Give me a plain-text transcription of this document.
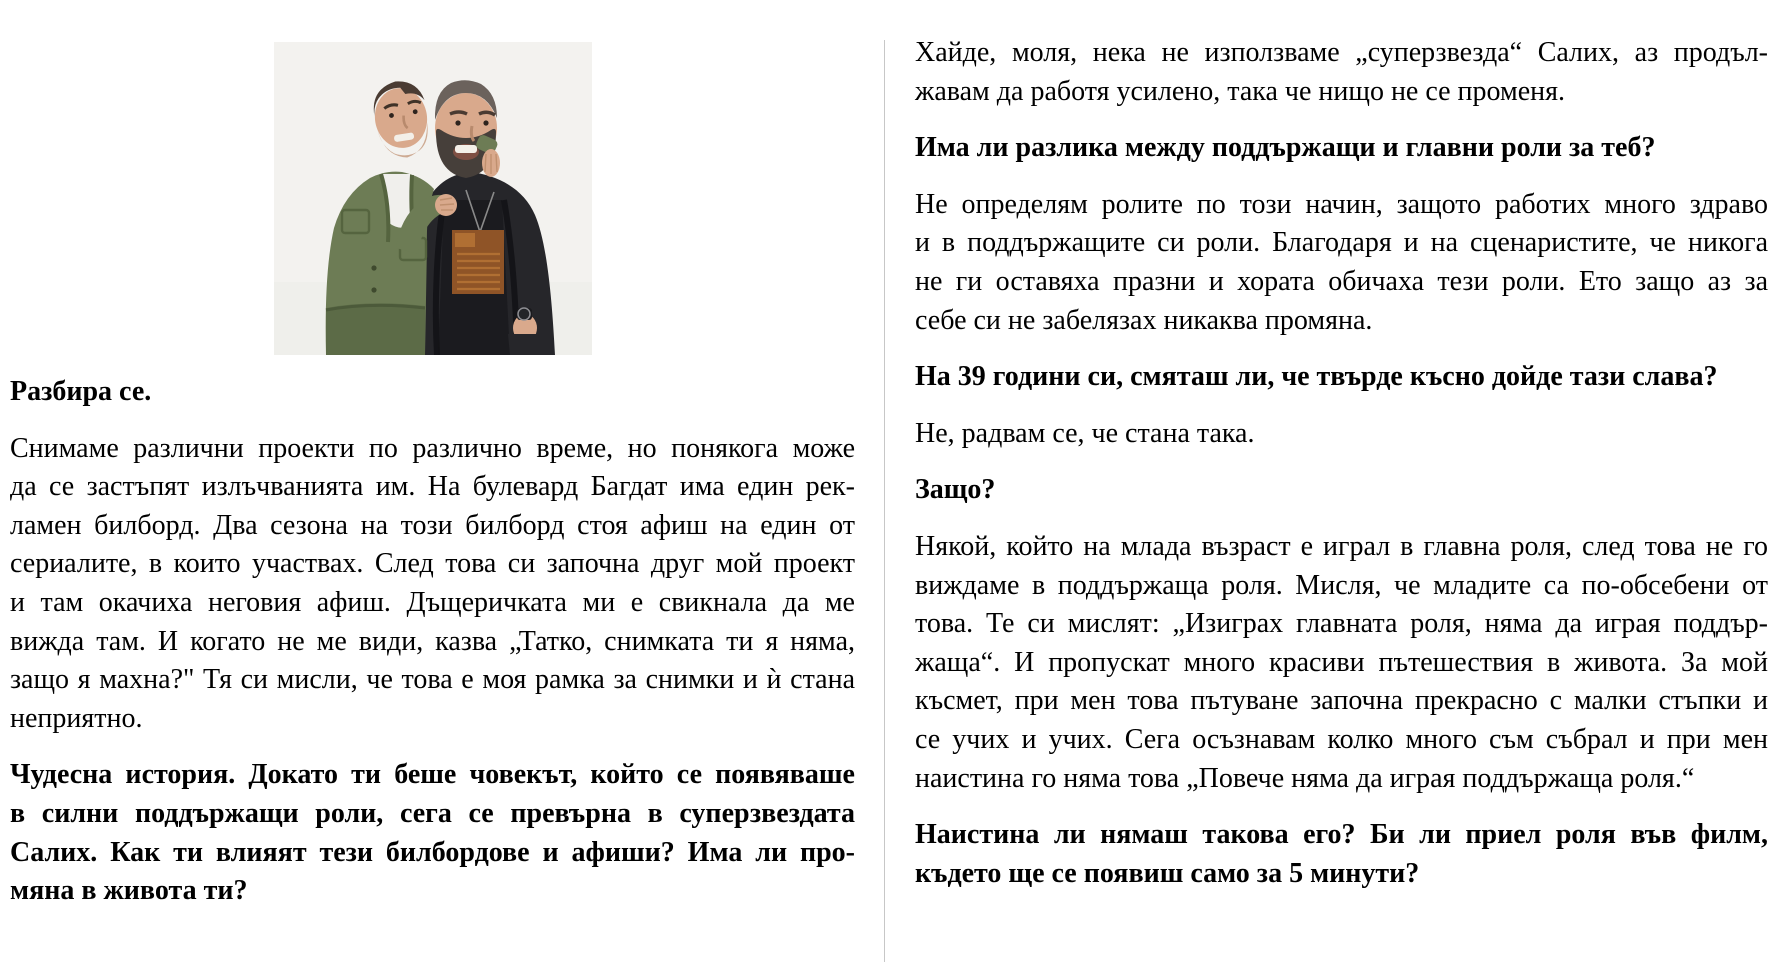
Разбира се.
Снимаме различни проекти по различно време, но понякога може
да се застъпят излъчванията им. На булевард Багдат има един рек-
ламен билборд. Два сезона на този билборд стоя афиш на един от
сериалите, в които участвах. След това си започна друг мой проект
и там окачиха неговия афиш. Дъщеричката ми е свикнала да ме
вижда там. И когато не ме види, казва „Татко, снимката ти я няма,
защо я махна?" Тя си мисли, че това е моя рамка за снимки и ѝ стана
неприятно.
Чудесна история. Докато ти беше човекът, който се появяваше
в силни поддържащи роли, сега се превърна в суперзвездата
Салих. Как ти влияят тези билбордове и афиши? Има ли про-
мяна в живота ти?
Хайде, моля, нека не използваме „суперзвезда“ Салих, аз продъл-
жавам да работя усилено, така че нищо не се променя.
Има ли разлика между поддържащи и главни роли за теб?
Не определям ролите по този начин, защото работих много здраво
и в поддържащите си роли. Благодаря и на сценаристите, че никога
не ги оставяха празни и хората обичаха тези роли. Ето защо аз за
себе си не забелязах никаква промяна.
На 39 години си, смяташ ли, че твърде късно дойде тази слава?
Не, радвам се, че стана така.
Защо?
Някой, който на млада възраст е играл в главна роля, след това не го
виждаме в поддържаща роля. Мисля, че младите са по-обсебени от
това. Те си мислят: „Изиграх главната роля, няма да играя поддър-
жаща“. И пропускат много красиви пътешествия в живота. За мой
късмет, при мен това пътуване започна прекрасно с малки стъпки и
се учих и учих. Сега осъзнавам колко много съм събрал и при мен
наистина го няма това „Повече няма да играя поддържаща роля.“
Наистина ли нямаш такова его? Би ли приел роля във филм,
където ще се появиш само за 5 минути?
